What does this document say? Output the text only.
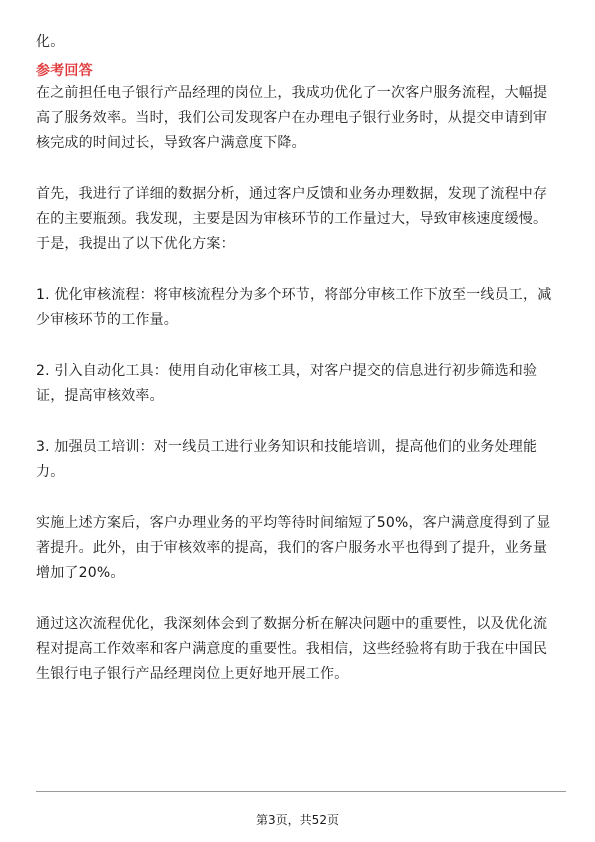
化。
参考回答
在之前担任电子银行产品经理的岗位上，我成功优化了一次客户服务流程，大幅提
高了服务效率。当时，我们公司发现客户在办理电子银行业务时，从提交申请到审
核完成的时间过长，导致客户满意度下降。
首先，我进行了详细的数据分析，通过客户反馈和业务办理数据，发现了流程中存
在的主要瓶颈。我发现，主要是因为审核环节的工作量过大，导致审核速度缓慢。
于是，我提出了以下优化方案：
1. 优化审核流程：将审核流程分为多个环节，将部分审核工作下放至一线员工，减
少审核环节的工作量。
2. 引入自动化工具：使用自动化审核工具，对客户提交的信息进行初步筛选和验
证，提高审核效率。
3. 加强员工培训：对一线员工进行业务知识和技能培训，提高他们的业务处理能
力。
实施上述方案后，客户办理业务的平均等待时间缩短了50%，客户满意度得到了显
著提升。此外，由于审核效率的提高，我们的客户服务水平也得到了提升，业务量
增加了20%。
通过这次流程优化，我深刻体会到了数据分析在解决问题中的重要性，以及优化流
程对提高工作效率和客户满意度的重要性。我相信，这些经验将有助于我在中国民
生银行电子银行产品经理岗位上更好地开展工作。
第3页，共52页
